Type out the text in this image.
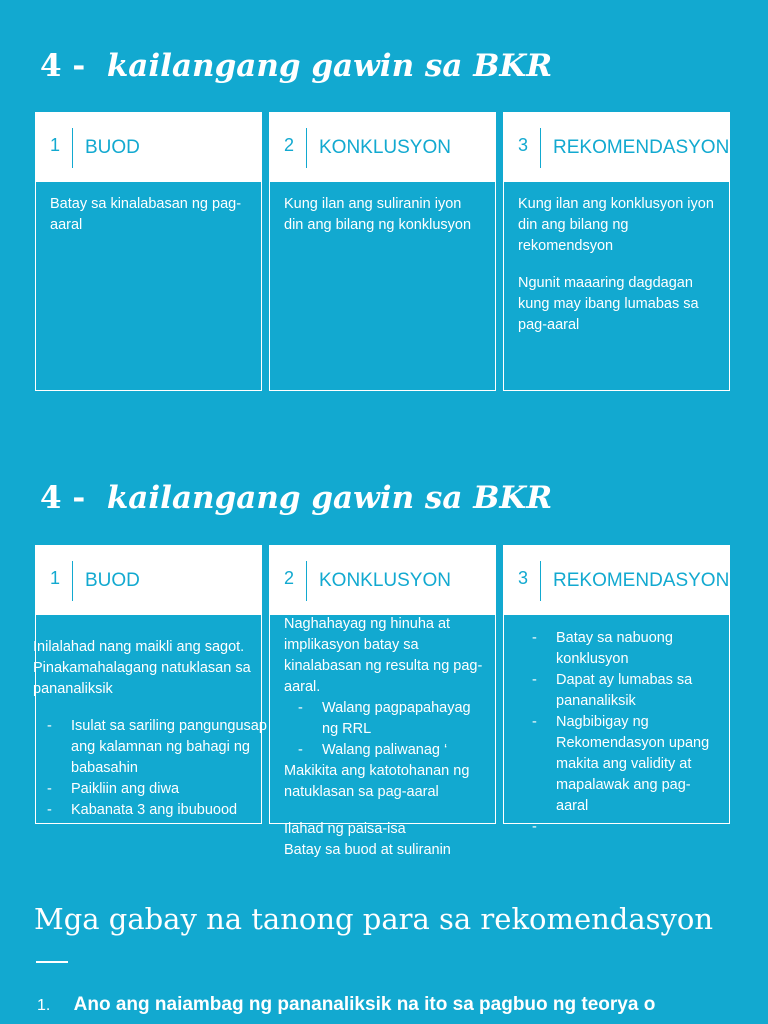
4 - kailangang gawin sa BKR
1 BUOD

Batay sa kinalabasan ng pag-aaral

2 KONKLUSYON

Kung ilan ang suliranin iyon din ang bilang ng konklusyon

3 REKOMENDASYON

Kung ilan ang konklusyon iyon din ang bilang ng rekomendsyon

Ngunit maaaring dagdagan kung may ibang lumabas sa pag-aaral

4 - kailangang gawin sa BKR
1 BUOD

Inilalahad nang maikli ang sagot.

Pinakamahalagang natuklasan sa pananaliksik

- Isulat sa sariling pangungusap ang kalamnan ng bahagi ng babasahin
- Paikliin ang diwa
- Kabanata 3 ang ibubuood
2 KONKLUSYON

Naghahayag ng hinuha at implikasyon batay sa kinalabasan ng resulta ng pag-aaral.

- Walang pagpapahayag ng RRL
- Walang paliwanag ‘

Makikita ang katotohanan ng natuklasan sa pag-aaral

Ilahad ng paisa-isa

Batay sa buod at suliranin

3 REKOMENDASYON
- Batay sa nabuong konklusyon
- Dapat ay lumabas sa pananaliksik
- Nagbibigay ng Rekomendasyon upang makita ang validity at mapalawak ang pag-aaral
Mga gabay na tanong para sa rekomendasyon
1. Ano ang naiambag ng pananaliksik na ito sa pagbuo ng teorya o
